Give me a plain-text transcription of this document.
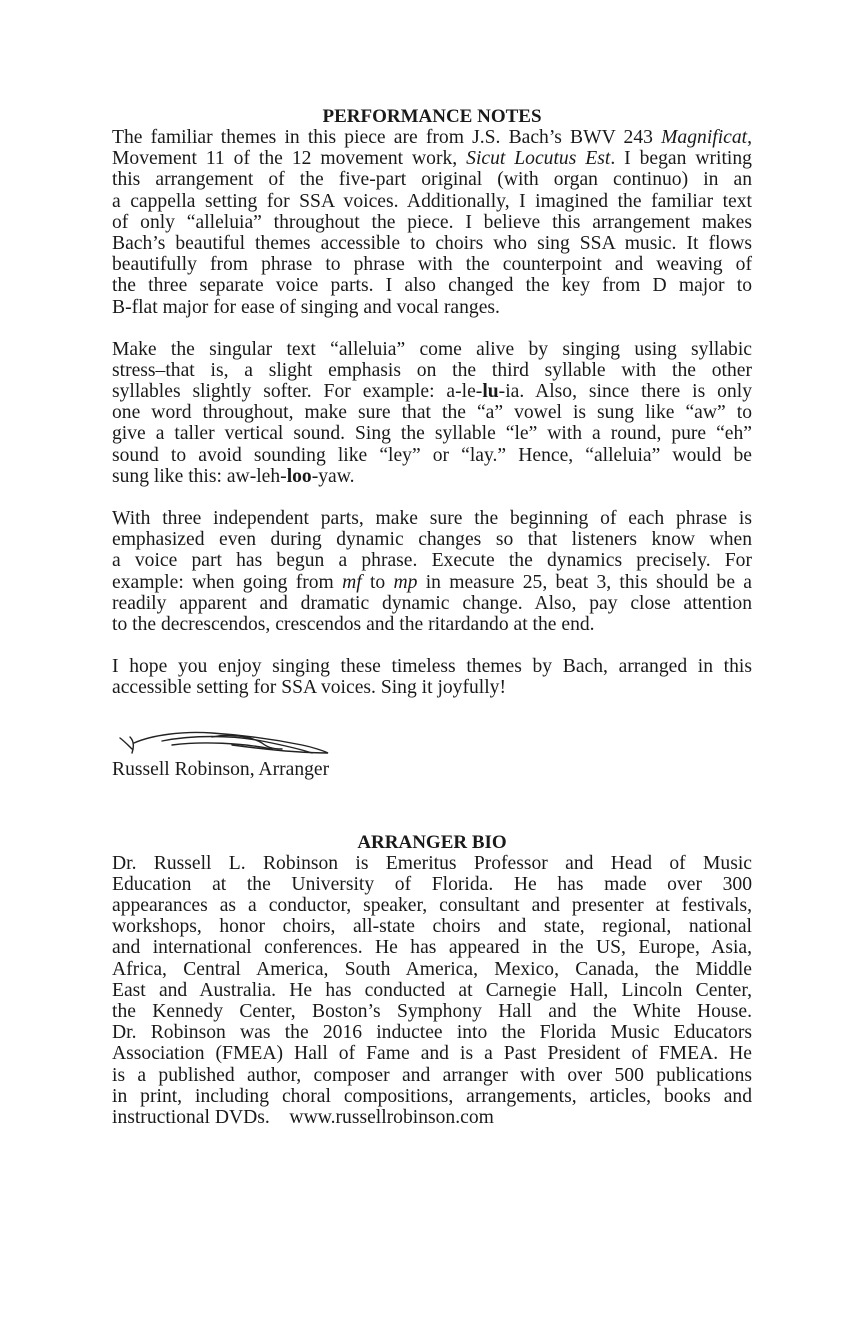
PERFORMANCE NOTES

The familiar themes in this piece are from J.S. Bach’s BWV 243 Magnificat,
Movement 11 of the 12 movement work, Sicut Locutus Est. I began writing
this arrangement of the five-part original (with organ continuo) in an
a cappella setting for SSA voices. Additionally, I imagined the familiar text
of only “alleluia” throughout the piece. I believe this arrangement makes
Bach’s beautiful themes accessible to choirs who sing SSA music. It flows
beautifully from phrase to phrase with the counterpoint and weaving of
the three separate voice parts. I also changed the key from D major to
B-flat major for ease of singing and vocal ranges.
Make the singular text “alleluia” come alive by singing using syllabic
stress–that is, a slight emphasis on the third syllable with the other
syllables slightly softer. For example: a-le-lu-ia. Also, since there is only
one word throughout, make sure that the “a” vowel is sung like “aw” to
give a taller vertical sound. Sing the syllable “le” with a round, pure “eh”
sound to avoid sounding like “ley” or “lay.” Hence, “alleluia” would be
sung like this: aw-leh-loo-yaw.
With three independent parts, make sure the beginning of each phrase is
emphasized even during dynamic changes so that listeners know when
a voice part has begun a phrase. Execute the dynamics precisely. For
example: when going from mf to mp in measure 25, beat 3, this should be a
readily apparent and dramatic dynamic change. Also, pay close attention
to the decrescendos, crescendos and the ritardando at the end.
I hope you enjoy singing these timeless themes by Bach, arranged in this
accessible setting for SSA voices. Sing it joyfully!

Russell Robinson, Arranger

ARRANGER BIO

Dr. Russell L. Robinson is Emeritus Professor and Head of Music
Education at the University of Florida. He has made over 300
appearances as a conductor, speaker, consultant and presenter at festivals,
workshops, honor choirs, all-state choirs and state, regional, national
and international conferences. He has appeared in the US, Europe, Asia,
Africa, Central America, South America, Mexico, Canada, the Middle
East and Australia. He has conducted at Carnegie Hall, Lincoln Center,
the Kennedy Center, Boston’s Symphony Hall and the White House.
Dr. Robinson was the 2016 inductee into the Florida Music Educators
Association (FMEA) Hall of Fame and is a Past President of FMEA. He
is a published author, composer and arranger with over 500 publications
in print, including choral compositions, arrangements, articles, books and
instructional DVDs.    www.russellrobinson.com
